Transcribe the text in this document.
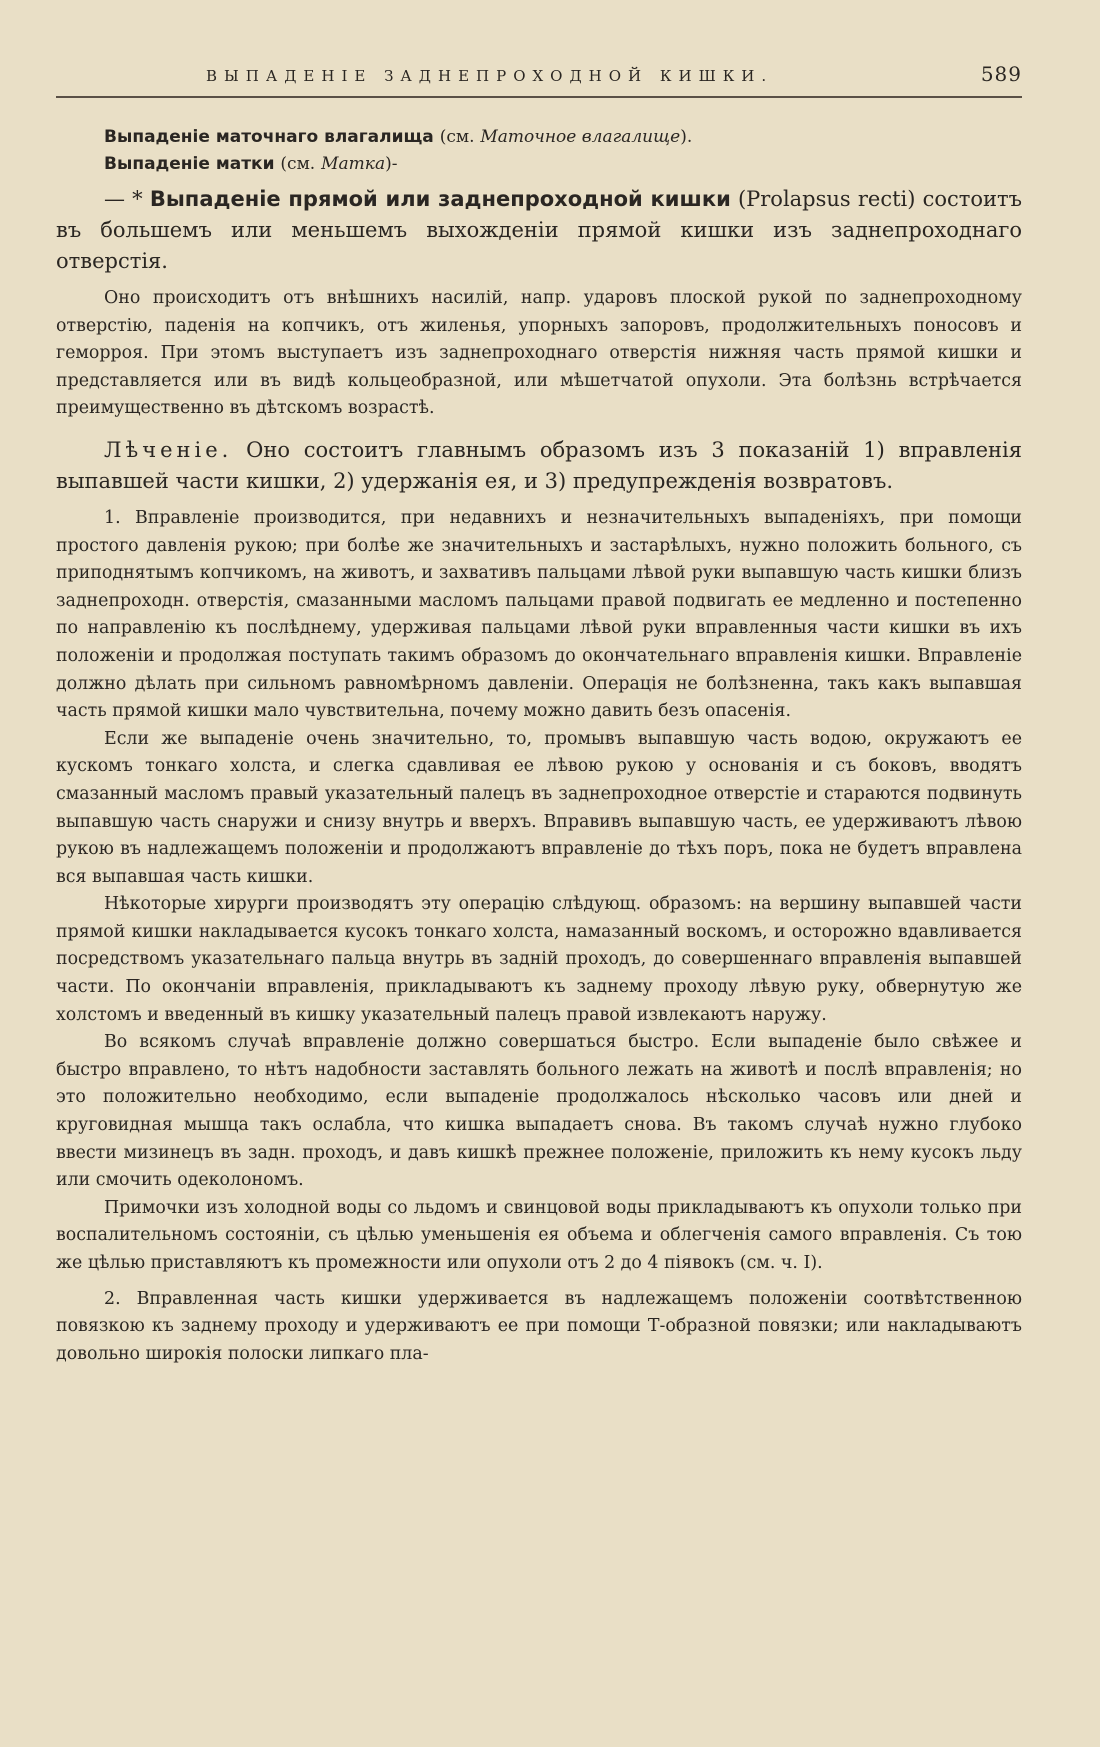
ВЫПАДЕНІЕ ЗАДНЕПРОХОДНОЙ КИШКИ.	589
Выпаденіе маточнаго влагалища (см. Маточное влагалище).
Выпаденіе матки (см. Матка)-
— * Выпаденіе прямой или заднепроходной кишки (Prolapsus recti) состоитъ въ большемъ или меньшемъ выхожденіи прямой кишки изъ заднепроходнаго отверстія.

Оно происходитъ отъ внѣшнихъ насилій, напр. ударовъ плоской рукой по заднепроходному отверстію, паденія на копчикъ, отъ жиленья, упорныхъ запоровъ, продолжительныхъ поносовъ и геморроя. При этомъ выступаетъ изъ заднепроходнаго отверстія нижняя часть прямой кишки и представляется или въ видѣ кольцеобразной, или мѣшетчатой опухоли. Эта болѣзнь встрѣчается преимущественно въ дѣтскомъ возрастѣ.

Лѣченіе. Оно состоитъ главнымъ образомъ изъ 3 показаній 1) вправленія выпавшей части кишки, 2) удержанія ея, и 3) предупрежденія возвратовъ.

1. Вправленіе производится, при недавнихъ и незначительныхъ выпаденіяхъ, при помощи простого давленія рукою; при болѣе же значительныхъ и застарѣлыхъ, нужно положить больного, съ приподнятымъ копчикомъ, на животъ, и захвативъ пальцами лѣвой руки выпавшую часть кишки близъ заднепроходн. отверстія, смазанными масломъ пальцами правой подвигать ее медленно и постепенно по направленію къ послѣднему, удерживая пальцами лѣвой руки вправленныя части кишки въ ихъ положеніи и продолжая поступать такимъ образомъ до окончательнаго вправленія кишки. Вправленіе должно дѣлать при сильномъ равномѣрномъ давленіи. Операція не болѣзненна, такъ какъ выпавшая часть прямой кишки мало чувствительна, почему можно давить безъ опасенія.

Если же выпаденіе очень значительно, то, промывъ выпавшую часть водою, окружаютъ ее кускомъ тонкаго холста, и слегка сдавливая ее лѣвою рукою у основанія и съ боковъ, вводятъ смазанный масломъ правый указательный палецъ въ заднепроходное отверстіе и стараются подвинуть выпавшую часть снаружи и снизу внутрь и вверхъ. Вправивъ выпавшую часть, ее удерживаютъ лѣвою рукою въ надлежащемъ положеніи и продолжаютъ вправленіе до тѣхъ поръ, пока не будетъ вправлена вся выпавшая часть кишки.

Нѣкоторые хирурги производятъ эту операцію слѣдующ. образомъ: на вершину выпавшей части прямой кишки накладывается кусокъ тонкаго холста, намазанный воскомъ, и осторожно вдавливается посредствомъ указательнаго пальца внутрь въ задній проходъ, до совершеннаго вправленія выпавшей части. По окончаніи вправленія, прикладываютъ къ заднему проходу лѣвую руку, обвернутую же холстомъ и введенный въ кишку указательный палецъ правой извлекаютъ наружу.

Во всякомъ случаѣ вправленіе должно совершаться быстро. Если выпаденіе было свѣжее и быстро вправлено, то нѣтъ надобности заставлять больного лежать на животѣ и послѣ вправленія; но это положительно необходимо, если выпаденіе продолжалось нѣсколько часовъ или дней и круговидная мышца такъ ослабла, что кишка выпадаетъ снова. Въ такомъ случаѣ нужно глубоко ввести мизинецъ въ задн. проходъ, и давъ кишкѣ прежнее положеніе, приложить къ нему кусокъ льду или смочить одеколономъ.

Примочки изъ холодной воды со льдомъ и свинцовой воды прикладываютъ къ опухоли только при воспалительномъ состояніи, съ цѣлью уменьшенія ея объема и облегченія самого вправленія. Съ тою же цѣлью приставляютъ къ промежности или опухоли отъ 2 до 4 піявокъ (см. ч. I).

2. Вправленная часть кишки удерживается въ надлежащемъ положеніи соотвѣтственною повязкою къ заднему проходу и удерживаютъ ее при помощи Т-образной повязки; или накладываютъ довольно широкія полоски липкаго пла-
